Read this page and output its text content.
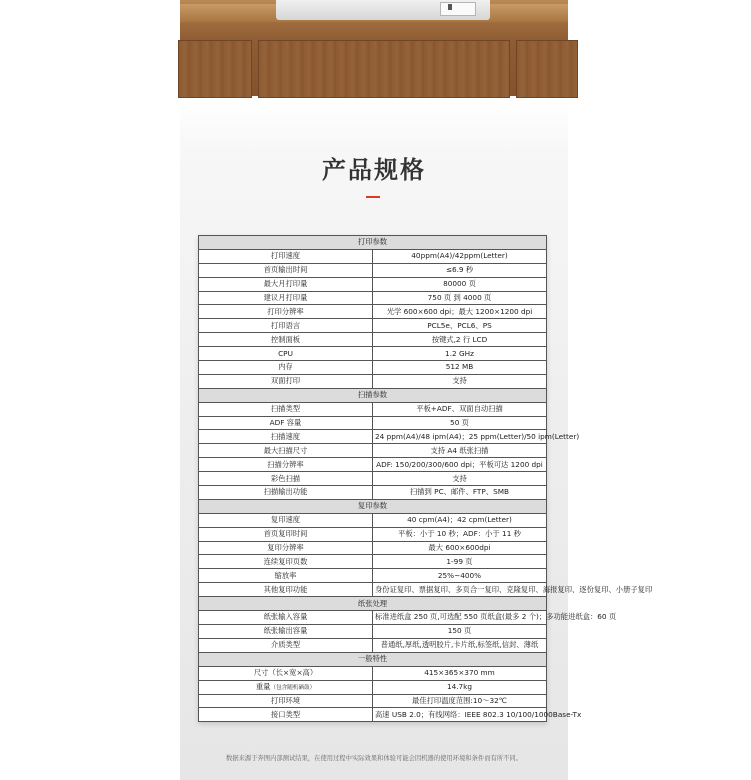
产品规格
打印参数	
打印速度	40ppm(A4)/42ppm(Letter)
首页输出时间	≤6.9 秒
最大月打印量	80000 页
建议月打印量	750 页 到 4000 页
打印分辨率	光学 600×600 dpi；最大 1200×1200 dpi
打印语言	PCL5e、PCL6、PS
控制面板	按键式,2 行 LCD
CPU	1.2 GHz
内存	512 MB
双面打印	支持
扫描参数	
扫描类型	平板+ADF、双面自动扫描
ADF 容量	50 页
扫描速度	24 ppm(A4)/48 ipm(A4)；25 ppm(Letter)/50 ipm(Letter)
最大扫描尺寸	支持 A4 纸张扫描
扫描分辨率	ADF: 150/200/300/600 dpi；平板可达 1200 dpi
彩色扫描	支持
扫描输出功能	扫描到 PC、邮件、FTP、SMB
复印参数	
复印速度	40 cpm(A4)；42 cpm(Letter)
首页复印时间	平板：小于 10 秒；ADF：小于 11 秒
复印分辨率	最大 600×600dpi
连续复印页数	1-99 页
缩放率	25%~400%
其他复印功能	身份证复印、票据复印、多页合一复印、克隆复印、海报复印、逐份复印、小册子复印
纸张处理	
纸张输入容量	标准进纸盒 250 页,可选配 550 页纸盒(最多 2 个)；多功能进纸盒：60 页
纸张输出容量	150 页
介质类型	普通纸,厚纸,透明胶片,卡片纸,标签纸,信封、薄纸
一般特性	
尺寸（长×宽×高）	415×365×370 mm
重量（包含随机硒鼓）	14.7kg
打印环境	最佳打印温度范围:10～32℃
接口类型	高速 USB 2.0；有线网络：IEEE 802.3 10/100/1000Base-Tx
数据来源于奔图内部测试结果，在使用过程中实际效果和体验可能会因机器的使用环境和条件而有所不同。
